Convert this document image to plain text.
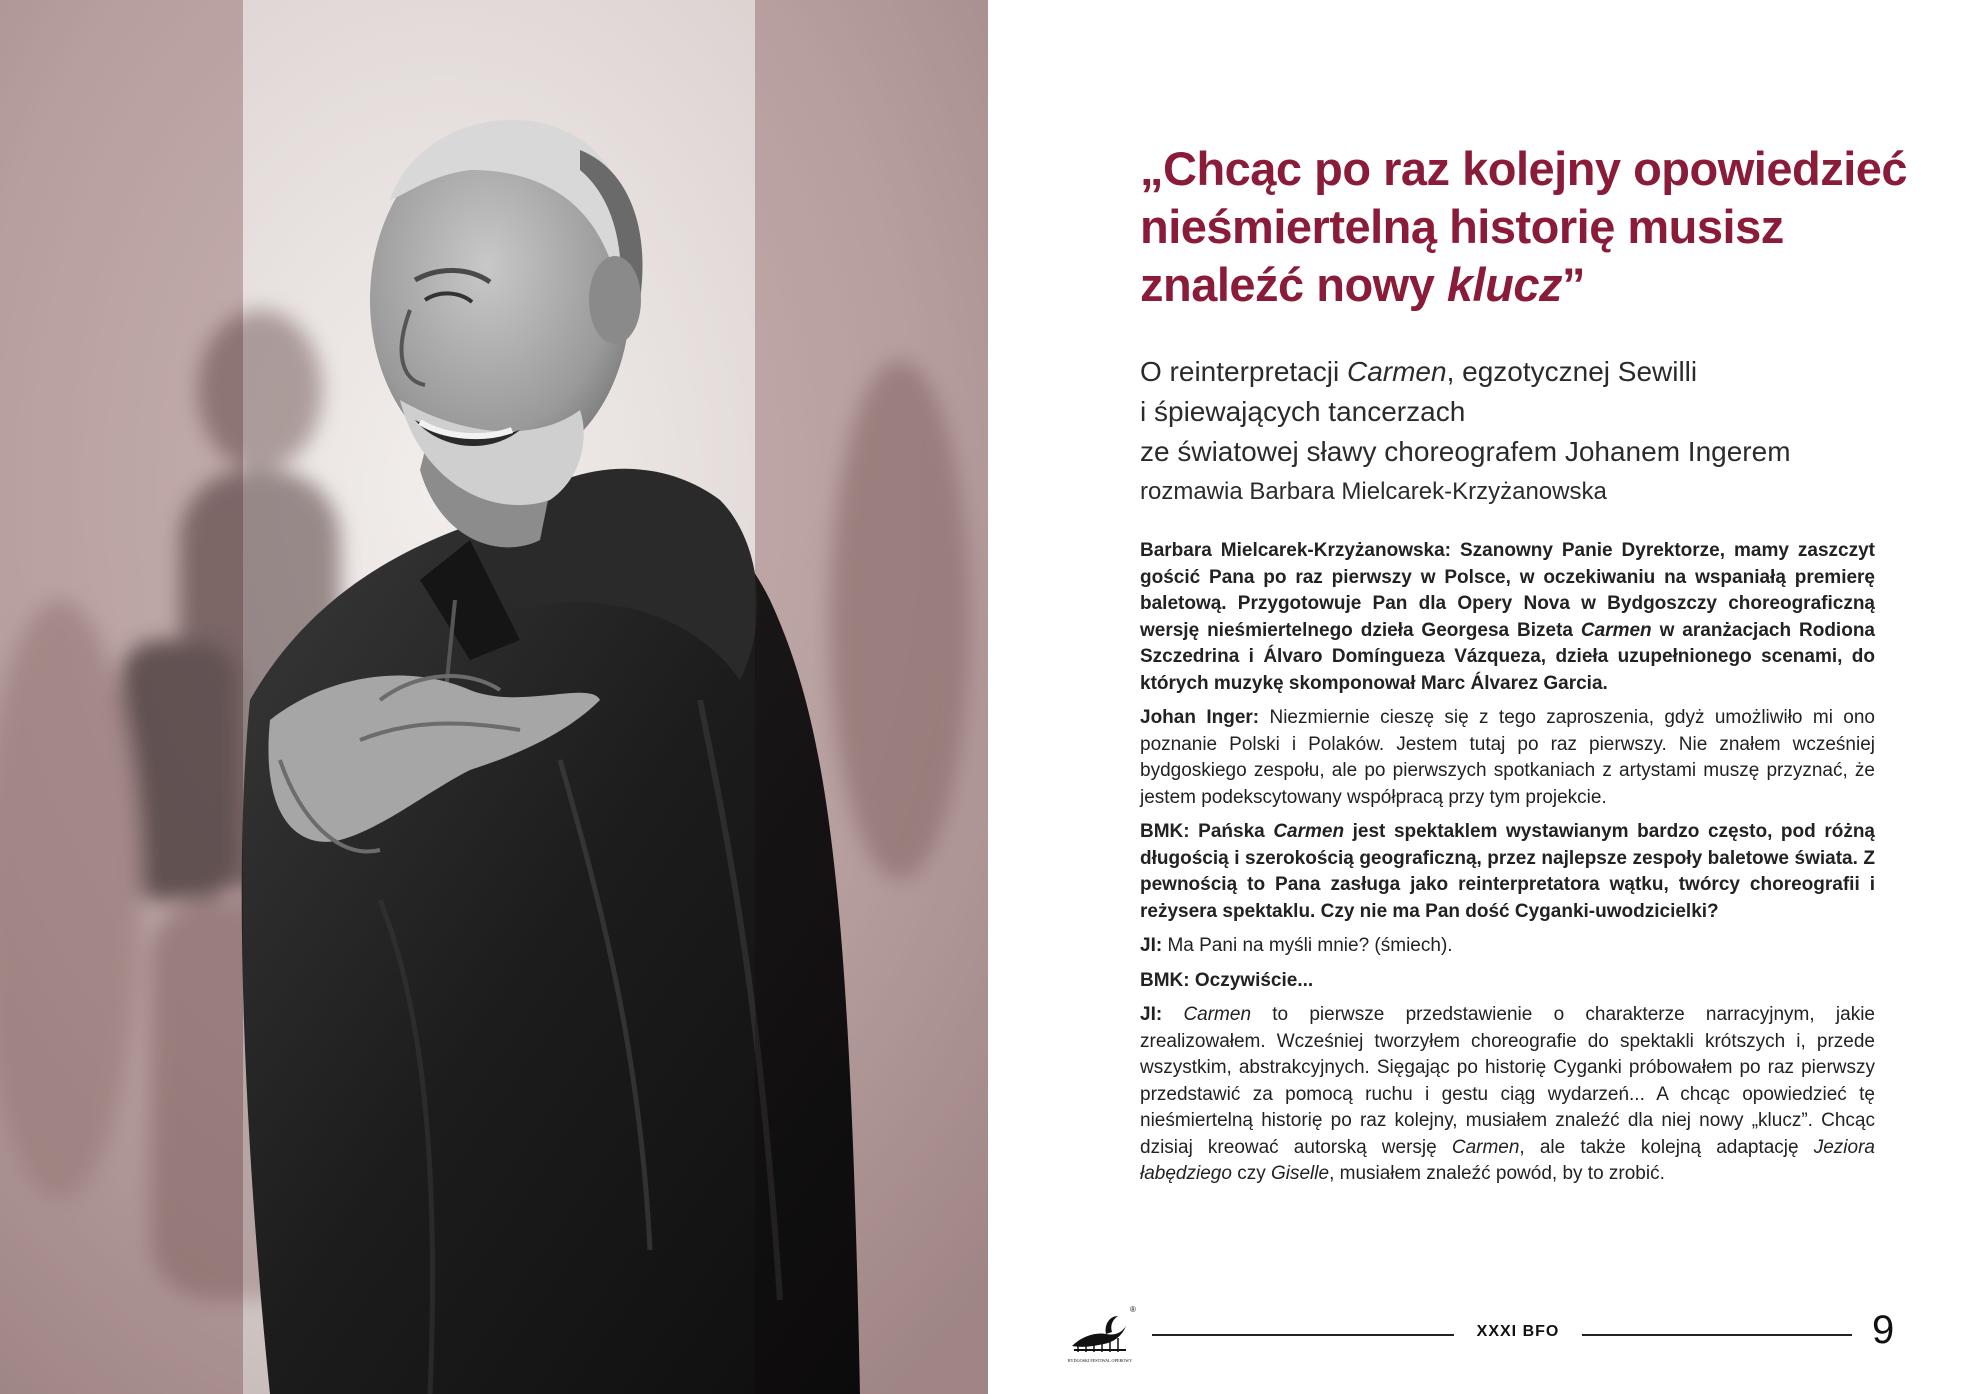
„Chcąc po raz kolejny opowiedzieć nieśmiertelną historię musisz znaleźć nowy klucz”
O reinterpretacji Carmen, egzotycznej Sewilli
i śpiewających tancerzach
ze światowej sławy choreografem Johanem Ingerem
rozmawia Barbara Mielcarek-Krzyżanowska

Barbara Mielcarek-Krzyżanowska: Szanowny Panie Dyrektorze, mamy zaszczyt gościć Pana po raz pierwszy w Polsce, w oczekiwaniu na wspaniałą premierę baletową. Przygotowuje Pan dla Opery Nova w Bydgoszczy choreograficzną wersję nieśmiertelnego dzieła Georgesa Bizeta Carmen w aranżacjach Rodiona Szczedrina i Álvaro Domíngueza Vázqueza, dzieła uzupełnionego scenami, do których muzykę skomponował Marc Álvarez Garcia.

Johan Inger: Niezmiernie cieszę się z tego zaproszenia, gdyż umożliwiło mi ono poznanie Polski i Polaków. Jestem tutaj po raz pierwszy. Nie znałem wcześniej bydgoskiego zespołu, ale po pierwszych spotkaniach z artystami muszę przyznać, że jestem podekscytowany współpracą przy tym projekcie.

BMK: Pańska Carmen jest spektaklem wystawianym bardzo często, pod różną długością i szerokością geograficzną, przez najlepsze zespoły baletowe świata. Z pewnością to Pana zasługa jako reinterpretatora wątku, twórcy choreografii i reżysera spektaklu. Czy nie ma Pan dość Cyganki-uwodzicielki?

JI: Ma Pani na myśli mnie? (śmiech).

BMK: Oczywiście...

JI: Carmen to pierwsze przedstawienie o charakterze narracyjnym, jakie zrealizowałem. Wcześniej tworzyłem choreografie do spektakli krótszych i, przede wszystkim, abstrakcyjnych. Sięgając po historię Cyganki próbowałem po raz pierwszy przedstawić za pomocą ruchu i gestu ciąg wydarzeń... A chcąc opowiedzieć tę nieśmiertelną historię po raz kolejny, musiałem znaleźć dla niej nowy „klucz”. Chcąc dzisiaj kreować autorską wersję Carmen, ale także kolejną adaptację Jeziora łabędziego czy Giselle, musiałem znaleźć powód, by to zrobić.

®
BYDGOSKI FESTIWAL OPEROWY
XXXI BFO	9
